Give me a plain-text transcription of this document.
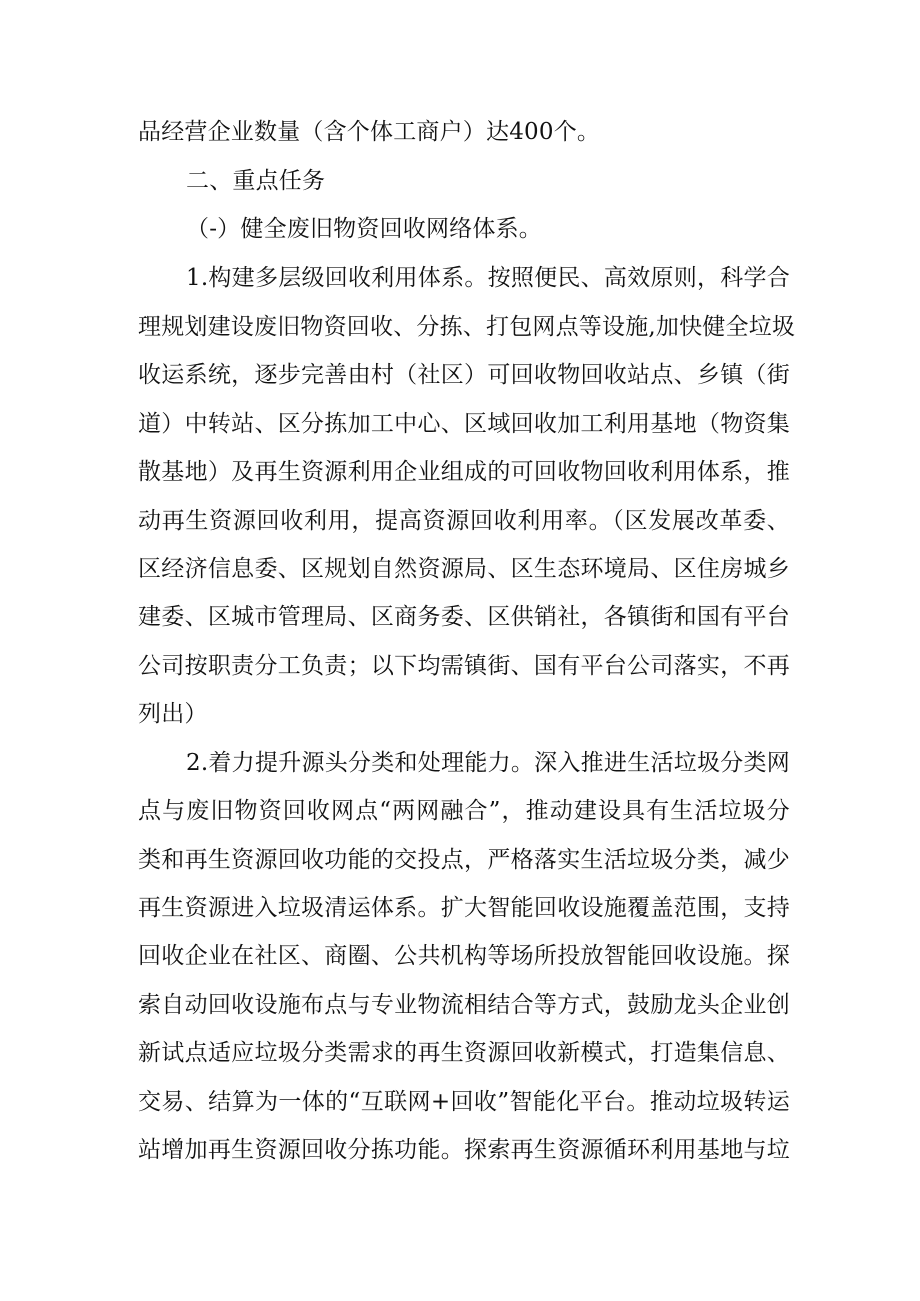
品经营企业数量（含个体工商户）达400个。
二、重点任务
（-）健全废旧物资回收网络体系。
1.构建多层级回收利用体系。按照便民、高效原则，科学合
理规划建设废旧物资回收、分拣、打包网点等设施,加快健全垃圾
收运系统，逐步完善由村（社区）可回收物回收站点、乡镇（街
道）中转站、区分拣加工中心、区域回收加工利用基地（物资集
散基地）及再生资源利用企业组成的可回收物回收利用体系，推
动再生资源回收利用，提高资源回收利用率。（区发展改革委、
区经济信息委、区规划自然资源局、区生态环境局、区住房城乡
建委、区城市管理局、区商务委、区供销社，各镇街和国有平台
公司按职责分工负责；以下均需镇街、国有平台公司落实，不再
列出）
2.着力提升源头分类和处理能力。深入推进生活垃圾分类网
点与废旧物资回收网点“两网融合”，推动建设具有生活垃圾分
类和再生资源回收功能的交投点，严格落实生活垃圾分类，减少
再生资源进入垃圾清运体系。扩大智能回收设施覆盖范围，支持
回收企业在社区、商圈、公共机构等场所投放智能回收设施。探
索自动回收设施布点与专业物流相结合等方式，鼓励龙头企业创
新试点适应垃圾分类需求的再生资源回收新模式，打造集信息、
交易、结算为一体的“互联网+回收”智能化平台。推动垃圾转运
站增加再生资源回收分拣功能。探索再生资源循环利用基地与垃
